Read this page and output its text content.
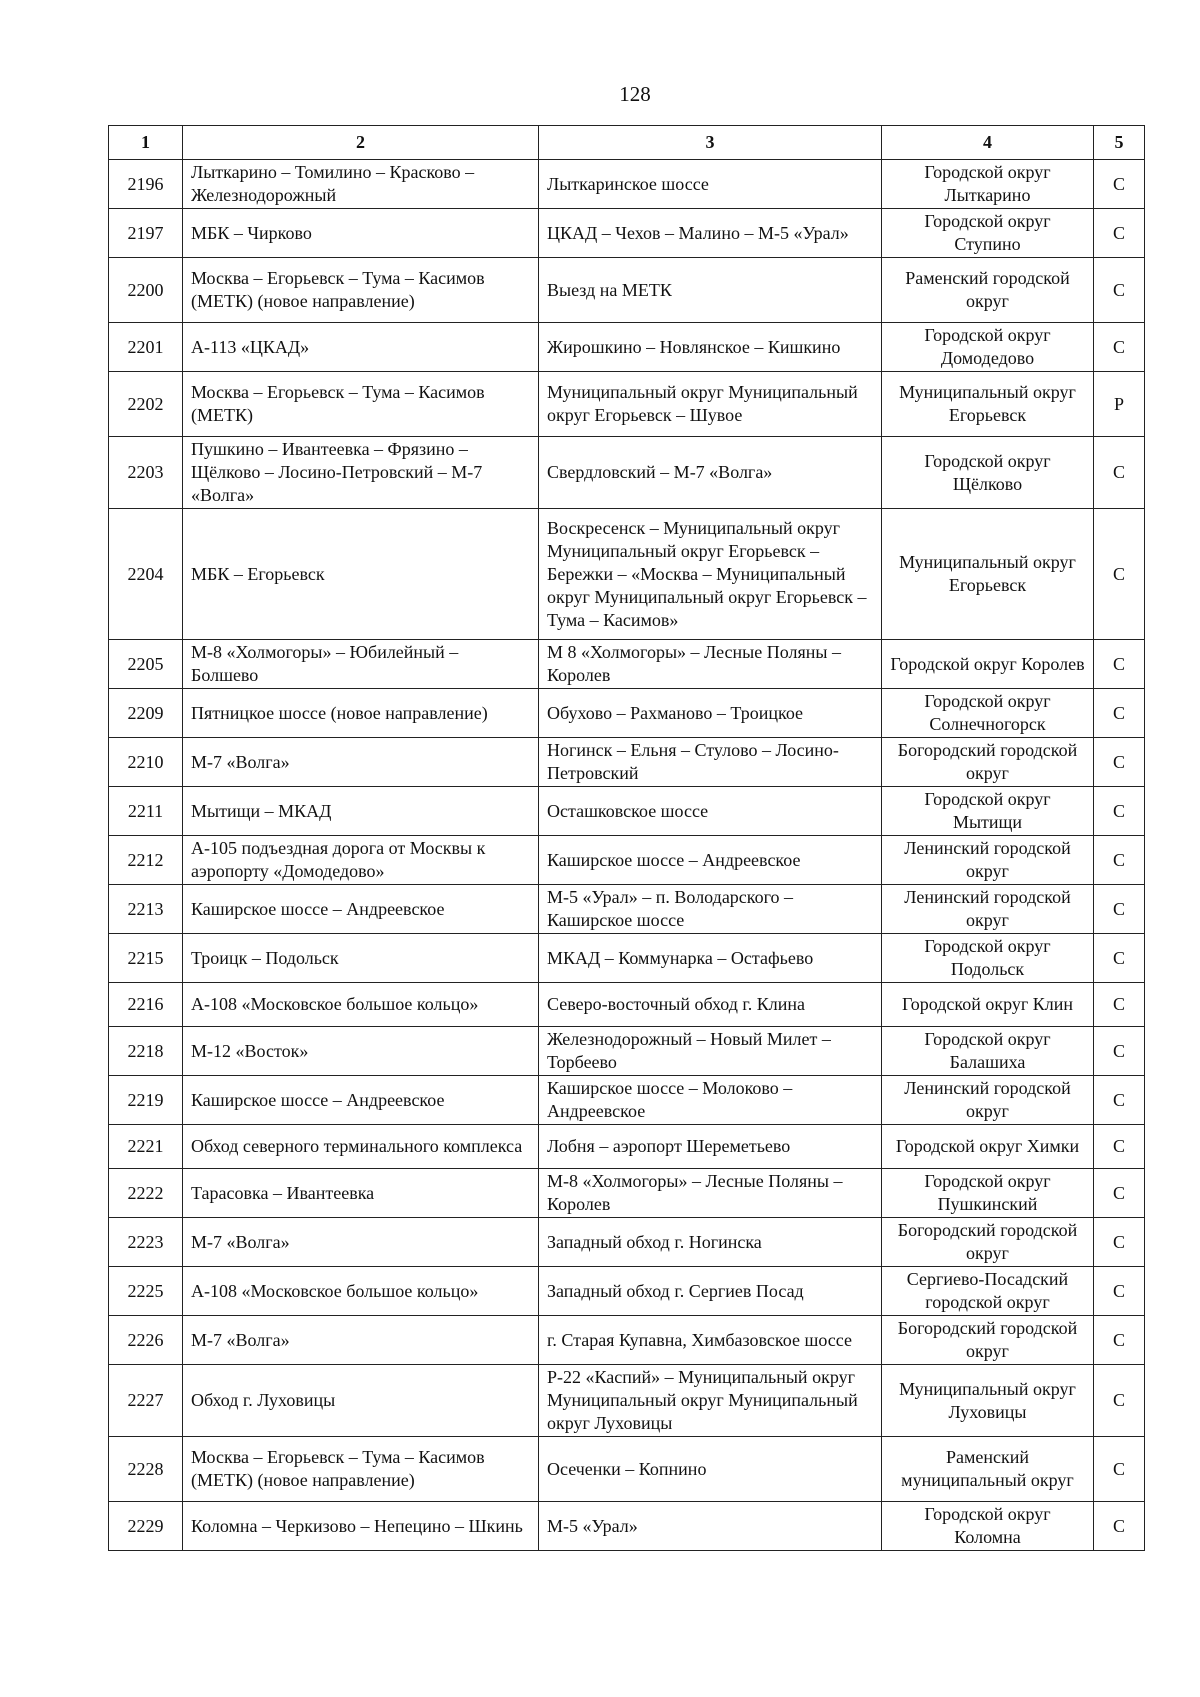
128
1	2	3	4	5
2196	Лыткарино – Томилино – Красково – Железнодорожный	Лыткаринское шоссе	Городской округ Лыткарино	С
2197	МБК – Чирково	ЦКАД – Чехов – Малино – М-5 «Урал»	Городской округ Ступино	С
2200	Москва – Егорьевск – Тума – Касимов (МЕТК) (новое направление)	Выезд на МЕТК	Раменский городской округ	С
2201	А-113 «ЦКАД»	Жирошкино – Новлянское – Кишкино	Городской округ Домодедово	С
2202	Москва – Егорьевск – Тума – Касимов (МЕТК)	Муниципальный округ Муниципальный округ Егорьевск – Шувое	Муниципальный округ Егорьевск	Р
2203	Пушкино – Ивантеевка – Фрязино – Щёлково – Лосино-Петровский – М-7 «Волга»	Свердловский – М-7 «Волга»	Городской округ Щёлково	С
2204	МБК – Егорьевск	Воскресенск – Муниципальный округ Муниципальный округ Егорьевск – Бережки – «Москва – Муниципальный округ Муниципальный округ Егорьевск – Тума – Касимов»	Муниципальный округ Егорьевск	С
2205	М-8 «Холмогоры» – Юбилейный – Болшево	М 8 «Холмогоры» – Лесные Поляны – Королев	Городской округ Королев	С
2209	Пятницкое шоссе (новое направление)	Обухово – Рахманово – Троицкое	Городской округ Солнечногорск	С
2210	М-7 «Волга»	Ногинск – Ельня – Стулово – Лосино-Петровский	Богородский городской округ	С
2211	Мытищи – МКАД	Осташковское шоссе	Городской округ Мытищи	С
2212	А-105 подъездная дорога от Москвы к аэропорту «Домодедово»	Каширское шоссе – Андреевское	Ленинский городской округ	С
2213	Каширское шоссе – Андреевское	М-5 «Урал» – п. Володарского – Каширское шоссе	Ленинский городской округ	С
2215	Троицк – Подольск	МКАД – Коммунарка – Остафьево	Городской округ Подольск	С
2216	А-108 «Московское большое кольцо»	Северо-восточный обход г. Клина	Городской округ Клин	С
2218	М-12 «Восток»	Железнодорожный – Новый Милет – Торбеево	Городской округ Балашиха	С
2219	Каширское шоссе – Андреевское	Каширское шоссе – Молоково – Андреевское	Ленинский городской округ	С
2221	Обход северного терминального комплекса	Лобня – аэропорт Шереметьево	Городской округ Химки	С
2222	Тарасовка – Ивантеевка	М-8 «Холмогоры» – Лесные Поляны – Королев	Городской округ Пушкинский	С
2223	М-7 «Волга»	Западный обход г. Ногинска	Богородский городской округ	С
2225	А-108 «Московское большое кольцо»	Западный обход г. Сергиев Посад	Сергиево-Посадский городской округ	С
2226	М-7 «Волга»	г. Старая Купавна, Химбазовское шоссе	Богородский городской округ	С
2227	Обход г. Луховицы	Р-22 «Каспий» – Муниципальный округ Муниципальный округ Муниципальный округ Луховицы	Муниципальный округ Луховицы	С
2228	Москва – Егорьевск – Тума – Касимов (МЕТК) (новое направление)	Осеченки – Копнино	Раменский муниципальный округ	С
2229	Коломна – Черкизово – Непецино – Шкинь	М-5 «Урал»	Городской округ Коломна	С
